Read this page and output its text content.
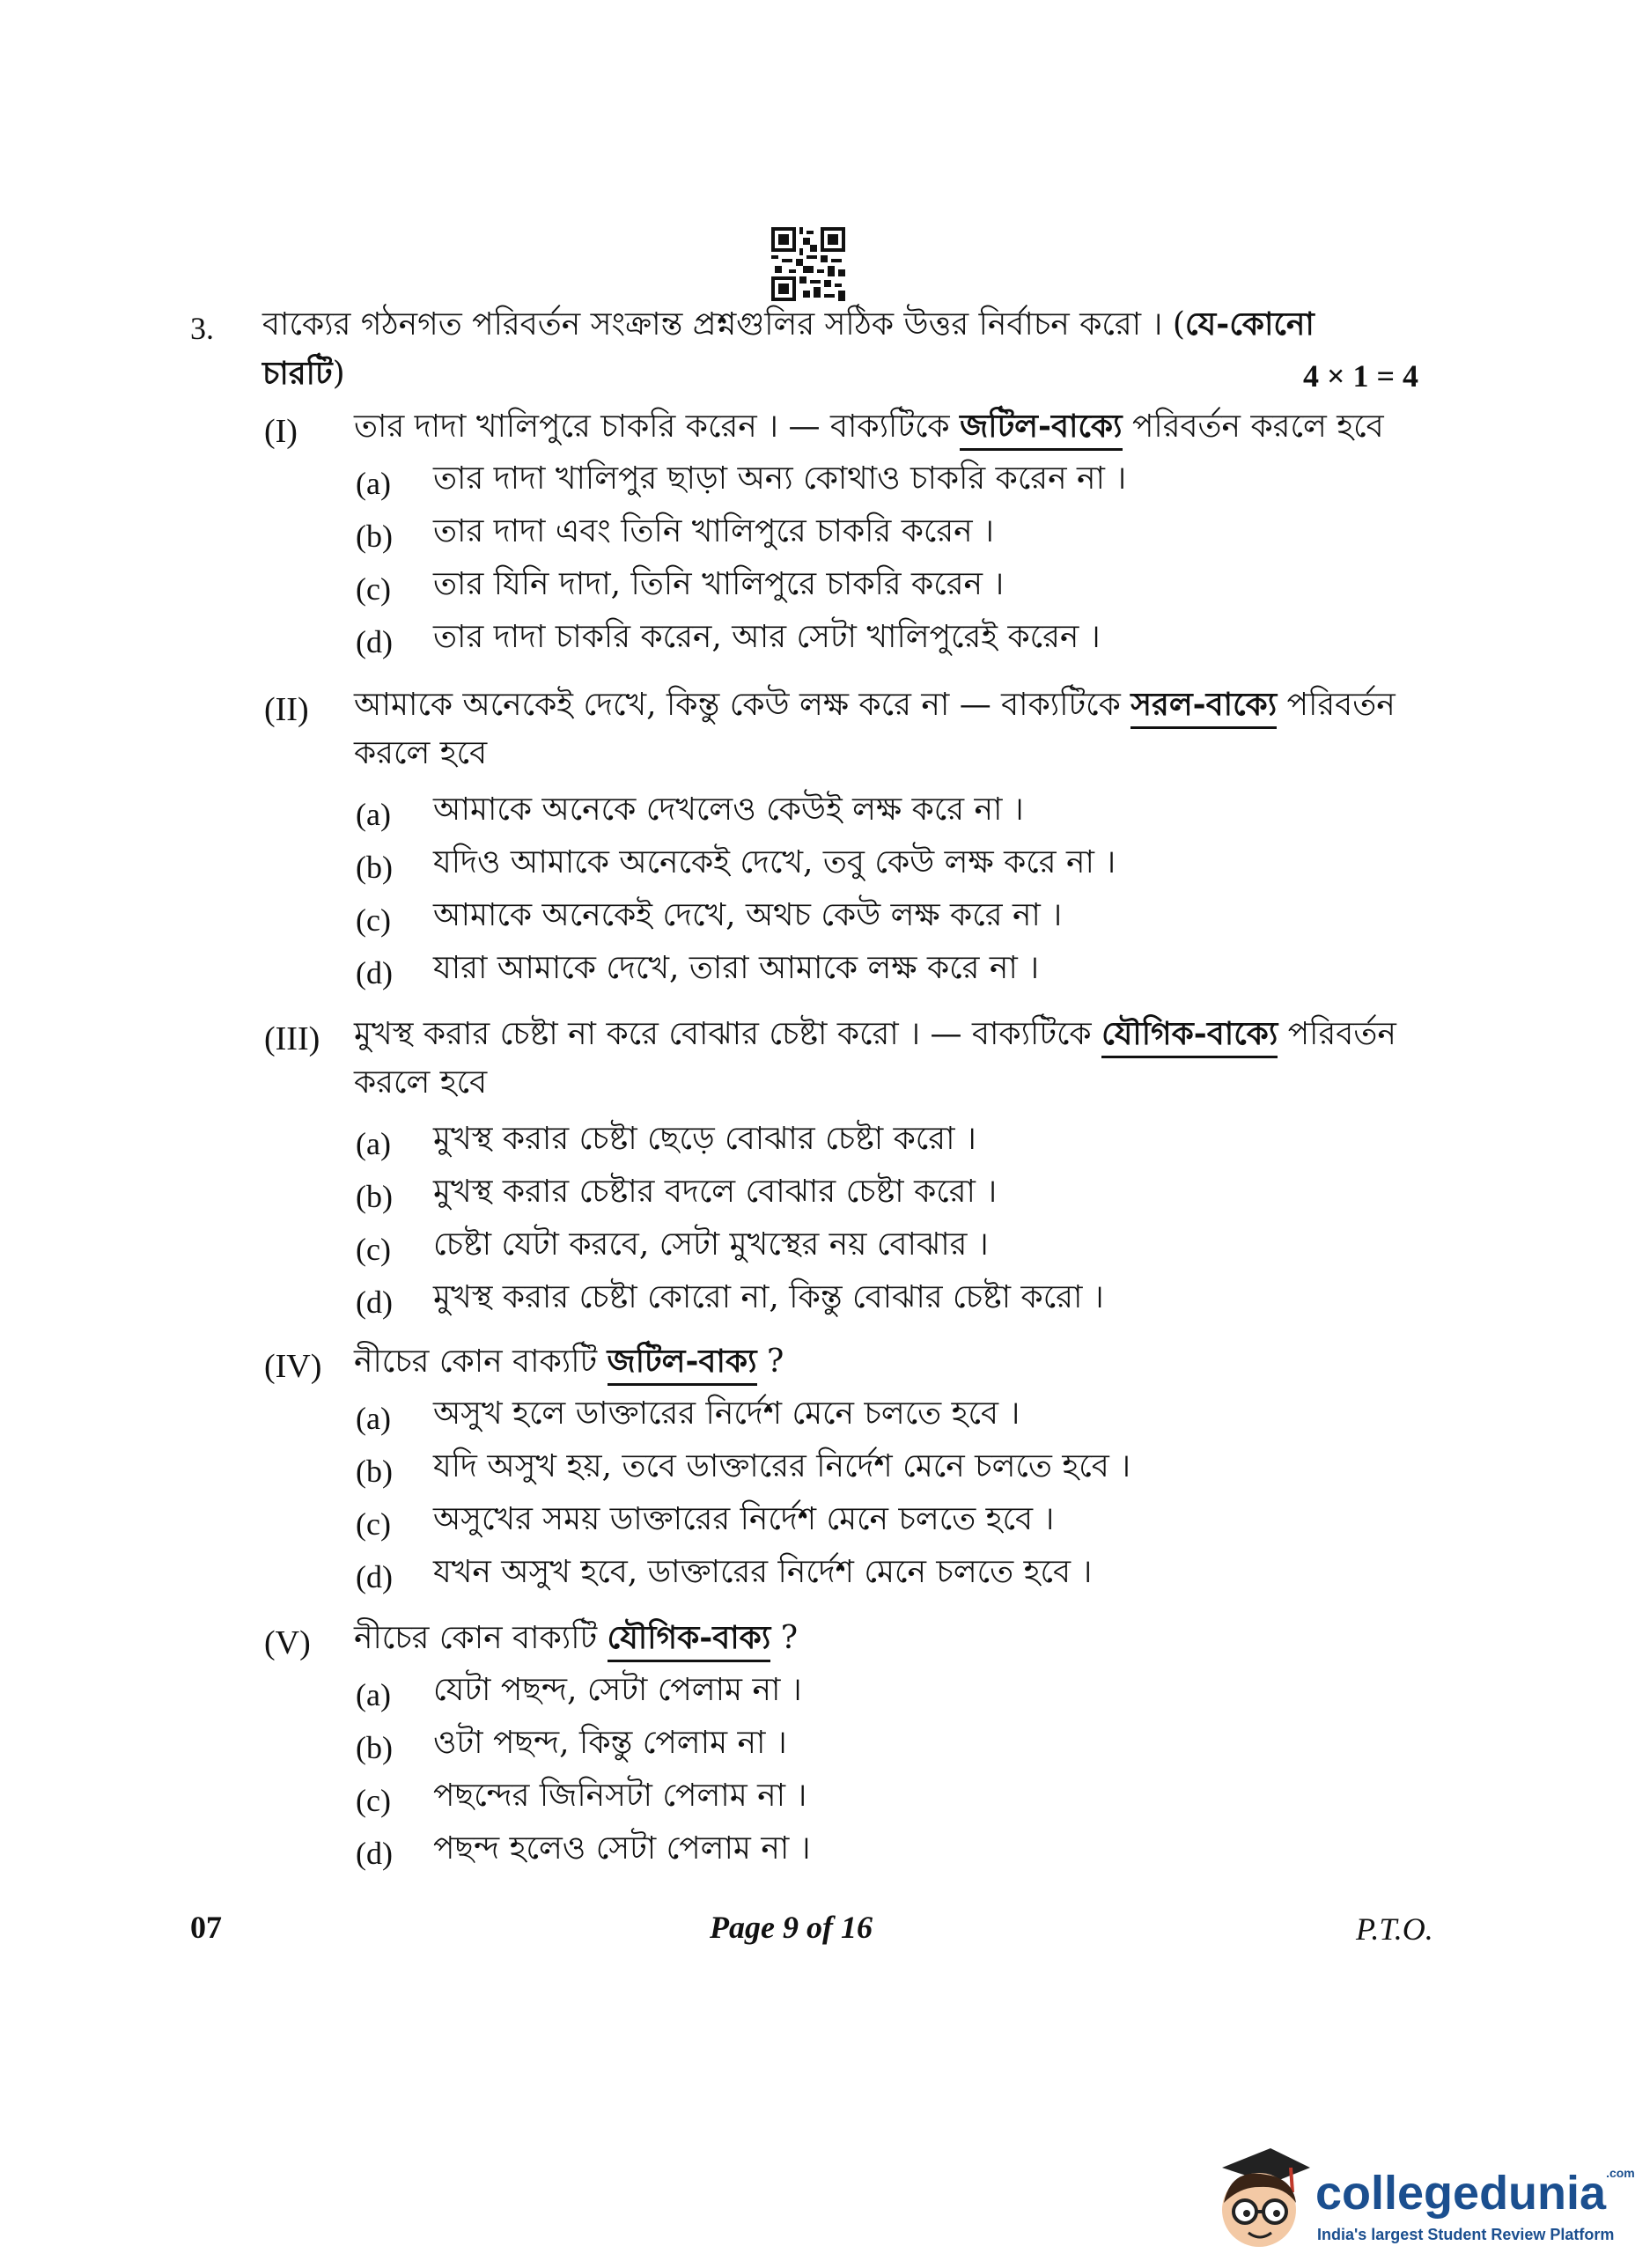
3. বাক্যের গঠনগত পরিবর্তন সংক্রান্ত প্রশ্নগুলির সঠিক উত্তর নির্বাচন করো । (যে-কোনো
চারটি)	4 × 1 = 4
(I) তার দাদা খালিপুরে চাকরি করেন । — বাক্যটিকে জটিল-বাক্যে পরিবর্তন করলে হবে
(a) তার দাদা খালিপুর ছাড়া অন্য কোথাও চাকরি করেন না ।
(b) তার দাদা এবং তিনি খালিপুরে চাকরি করেন ।
(c) তার যিনি দাদা, তিনি খালিপুরে চাকরি করেন ।
(d) তার দাদা চাকরি করেন, আর সেটা খালিপুরেই করেন ।
(II) আমাকে অনেকেই দেখে, কিন্তু কেউ লক্ষ করে না — বাক্যটিকে সরল-বাক্যে পরিবর্তন
করলে হবে
(a) আমাকে অনেকে দেখলেও কেউই লক্ষ করে না ।
(b) যদিও আমাকে অনেকেই দেখে, তবু কেউ লক্ষ করে না ।
(c) আমাকে অনেকেই দেখে, অথচ কেউ লক্ষ করে না ।
(d) যারা আমাকে দেখে, তারা আমাকে লক্ষ করে না ।
(III) মুখস্থ করার চেষ্টা না করে বোঝার চেষ্টা করো । — বাক্যটিকে যৌগিক-বাক্যে পরিবর্তন
করলে হবে
(a) মুখস্থ করার চেষ্টা ছেড়ে বোঝার চেষ্টা করো ।
(b) মুখস্থ করার চেষ্টার বদলে বোঝার চেষ্টা করো ।
(c) চেষ্টা যেটা করবে, সেটা মুখস্থের নয় বোঝার ।
(d) মুখস্থ করার চেষ্টা কোরো না, কিন্তু বোঝার চেষ্টা করো ।
(IV) নীচের কোন বাক্যটি জটিল-বাক্য ?
(a) অসুখ হলে ডাক্তারের নির্দেশ মেনে চলতে হবে ।
(b) যদি অসুখ হয়, তবে ডাক্তারের নির্দেশ মেনে চলতে হবে ।
(c) অসুখের সময় ডাক্তারের নির্দেশ মেনে চলতে হবে ।
(d) যখন অসুখ হবে, ডাক্তারের নির্দেশ মেনে চলতে হবে ।
(V) নীচের কোন বাক্যটি যৌগিক-বাক্য ?
(a) যেটা পছন্দ, সেটা পেলাম না ।
(b) ওটা পছন্দ, কিন্তু পেলাম না ।
(c) পছন্দের জিনিসটা পেলাম না ।
(d) পছন্দ হলেও সেটা পেলাম না ।
07	Page 9 of 16	P.T.O.
collegedunia$^{.com}$
India's largest Student Review Platform
